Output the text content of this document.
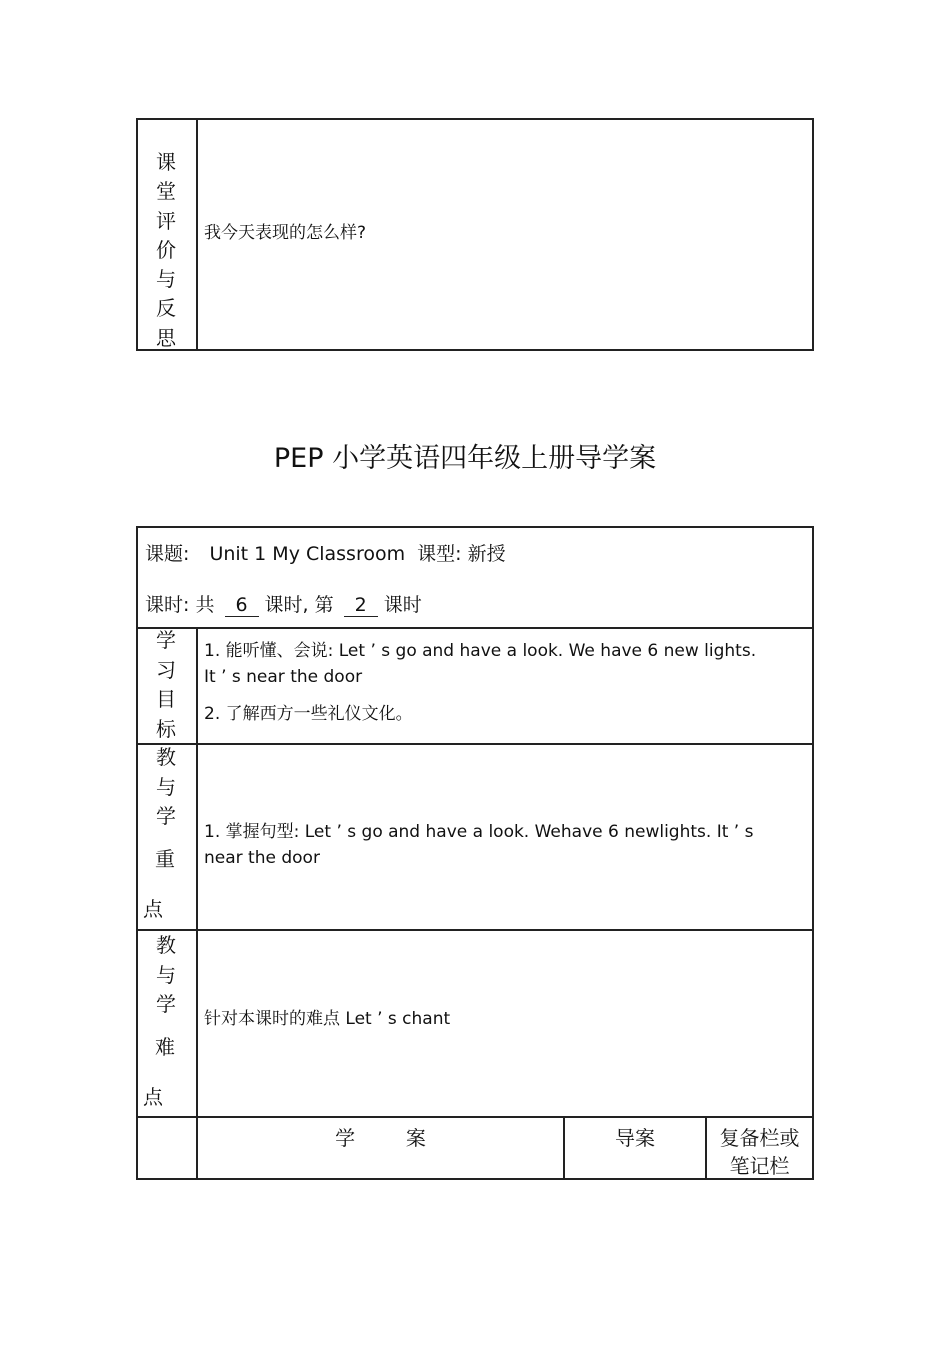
课
堂
评
价
与
反
思
我今天表现的怎么样?
PEP 小学英语四年级上册导学案
课题: Unit 1 My Classroom 课型: 新授
课时: 共 6 课时, 第 2 课时
学
习
目
标
1. 能听懂、会说: Let ’ s go and have a look. We have 6 new lights.
It ’ s near the door
2. 了解西方一些礼仪文化。
教
与
学
重
点
1. 掌握句型: Let ’ s go and have a look. Wehave 6 newlights. It ’ s
near the door
教
与
学
难
点
针对本课时的难点 Let ’ s chant
学        案	导案	复备栏或
笔记栏
